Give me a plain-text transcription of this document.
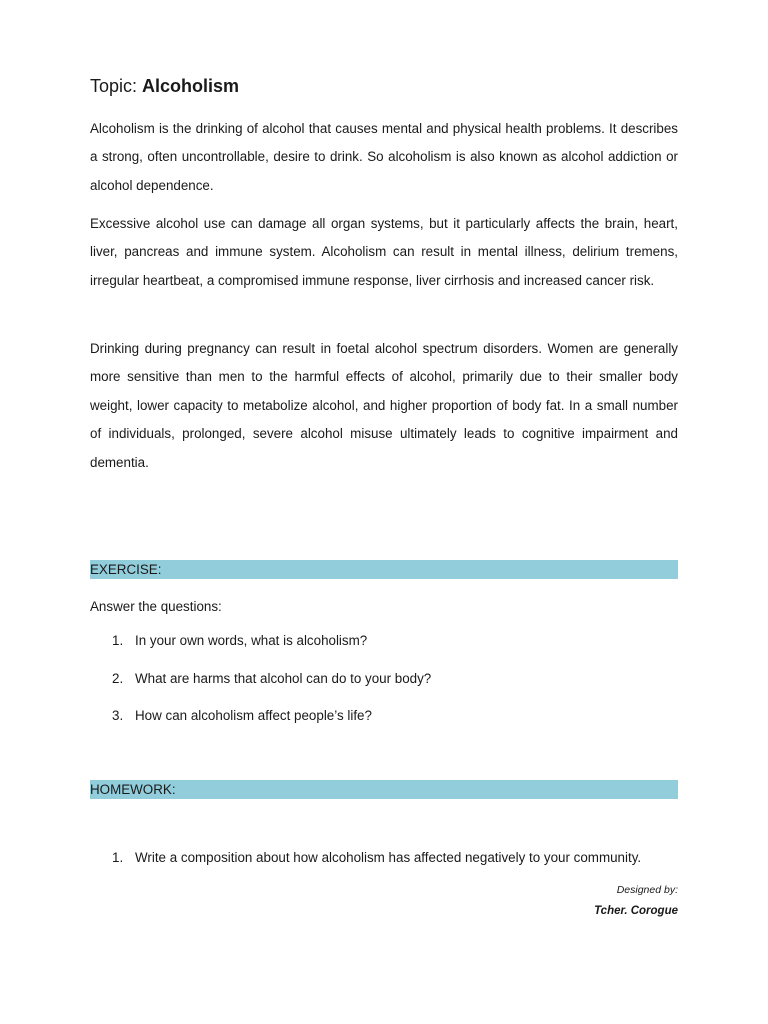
Topic: Alcoholism

Alcoholism is the drinking of alcohol that causes mental and physical health problems. It describes a strong, often uncontrollable, desire to drink. So alcoholism is also known as alcohol addiction or alcohol dependence.

Excessive alcohol use can damage all organ systems, but it particularly affects the brain, heart, liver, pancreas and immune system. Alcoholism can result in mental illness, delirium tremens, irregular heartbeat, a compromised immune response, liver cirrhosis and increased cancer risk.

Drinking during pregnancy can result in foetal alcohol spectrum disorders. Women are generally more sensitive than men to the harmful effects of alcohol, primarily due to their smaller body weight, lower capacity to metabolize alcohol, and higher proportion of body fat. In a small number of individuals, prolonged, severe alcohol misuse ultimately leads to cognitive impairment and dementia.

EXERCISE:
Answer the questions:
1. In your own words, what is alcoholism?
2. What are harms that alcohol can do to your body?
3. How can alcoholism affect people’s life?
HOMEWORK:
1. Write a composition about how alcoholism has affected negatively to your community.
Designed by:
Tcher. Corogue
